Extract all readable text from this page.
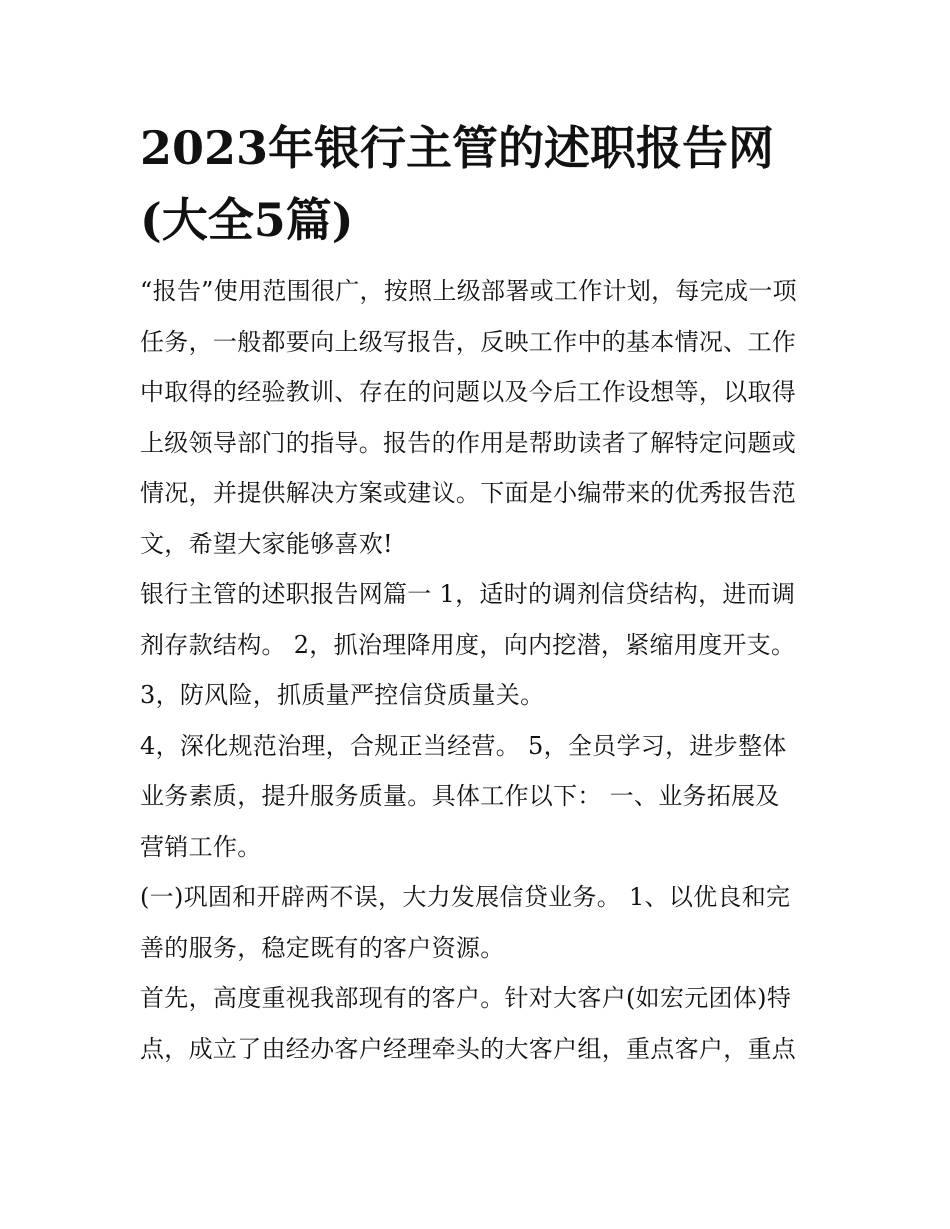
2023年银行主管的述职报告网
(大全5篇)

“报告”使用范围很广，按照上级部署或工作计划，每完成一项
任务，一般都要向上级写报告，反映工作中的基本情况、工作
中取得的经验教训、存在的问题以及今后工作设想等，以取得
上级领导部门的指导。报告的作用是帮助读者了解特定问题或
情况，并提供解决方案或建议。下面是小编带来的优秀报告范
文，希望大家能够喜欢!

银行主管的述职报告网篇一 1，适时的调剂信贷结构，进而调
剂存款结构。 2，抓治理降用度，向内挖潜，紧缩用度开支。

3，防风险，抓质量严控信贷质量关。

4，深化规范治理，合规正当经营。 5，全员学习，进步整体
业务素质，提升服务质量。具体工作以下： 一、业务拓展及
营销工作。

(一)巩固和开辟两不误，大力发展信贷业务。 1、以优良和完
善的服务，稳定既有的客户资源。

首先，高度重视我部现有的客户。针对大客户(如宏元团体)特
点，成立了由经办客户经理牵头的大客户组，重点客户，重点
